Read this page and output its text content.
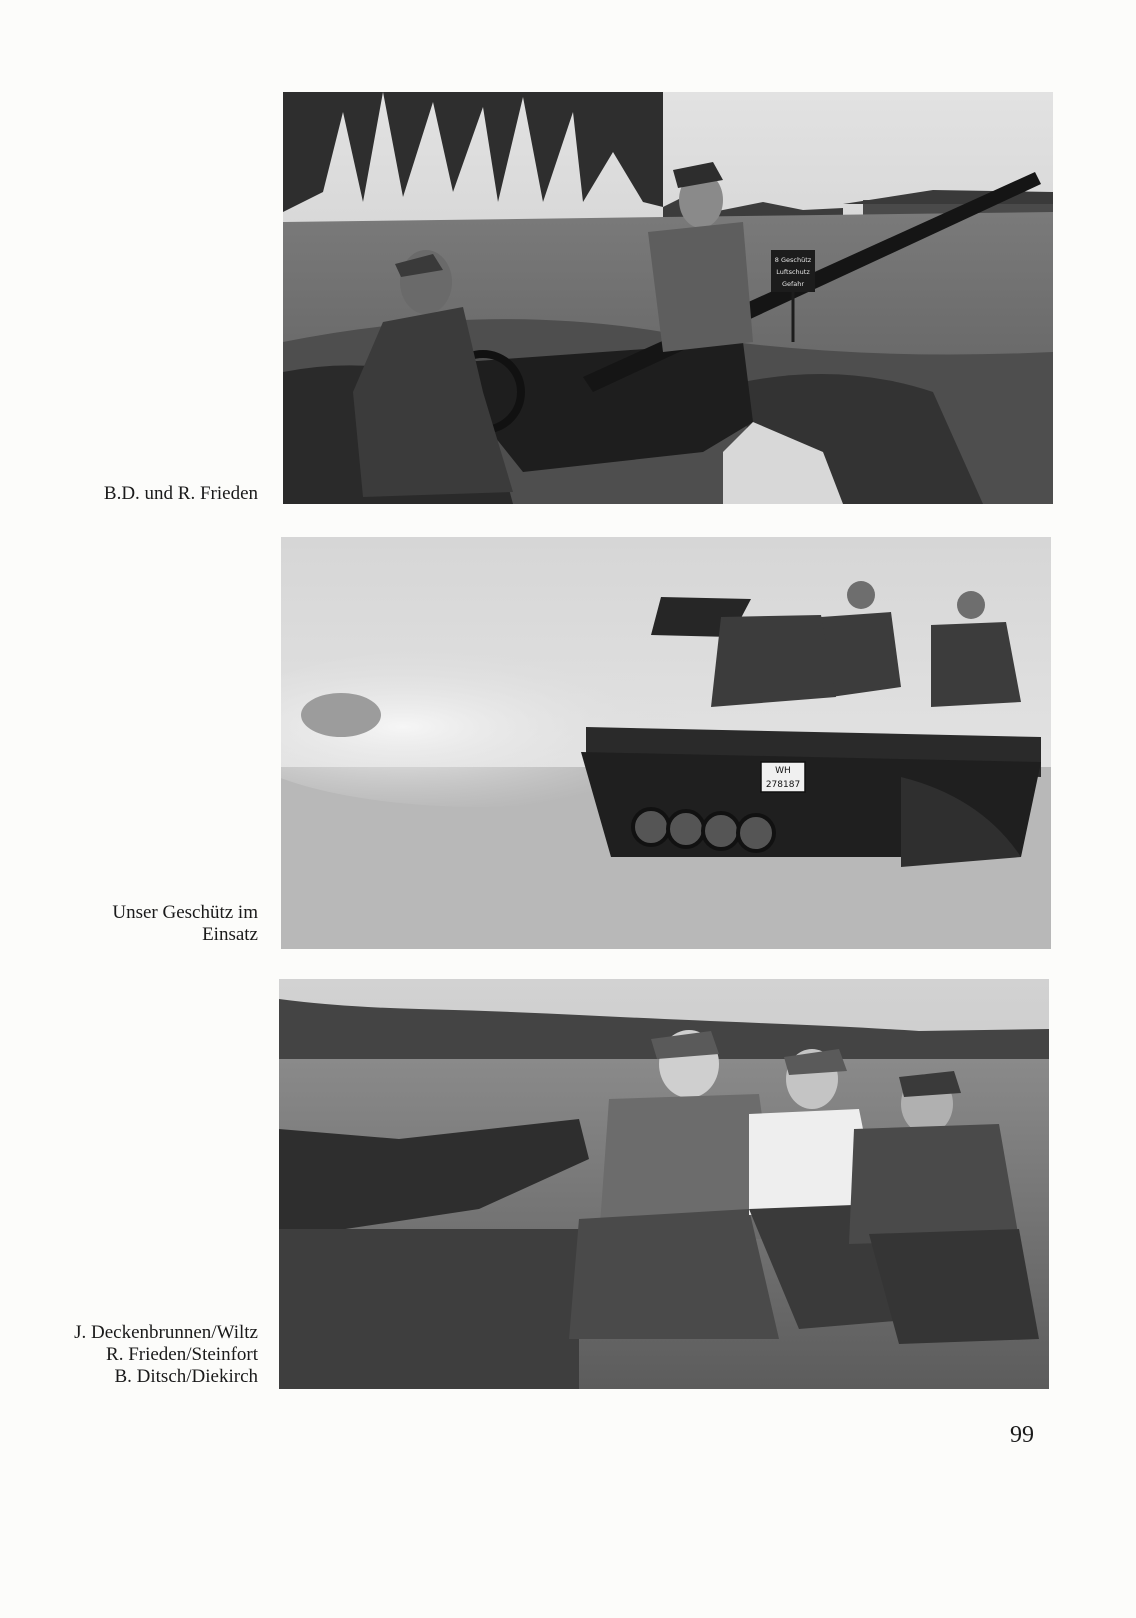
8 Geschütz
Luftschutz
Gefahr
B.D. und R. Frieden
WH
278187
Unser Geschütz im
Einsatz
J. Deckenbrunnen/Wiltz
R. Frieden/Steinfort
B. Ditsch/Diekirch
99
